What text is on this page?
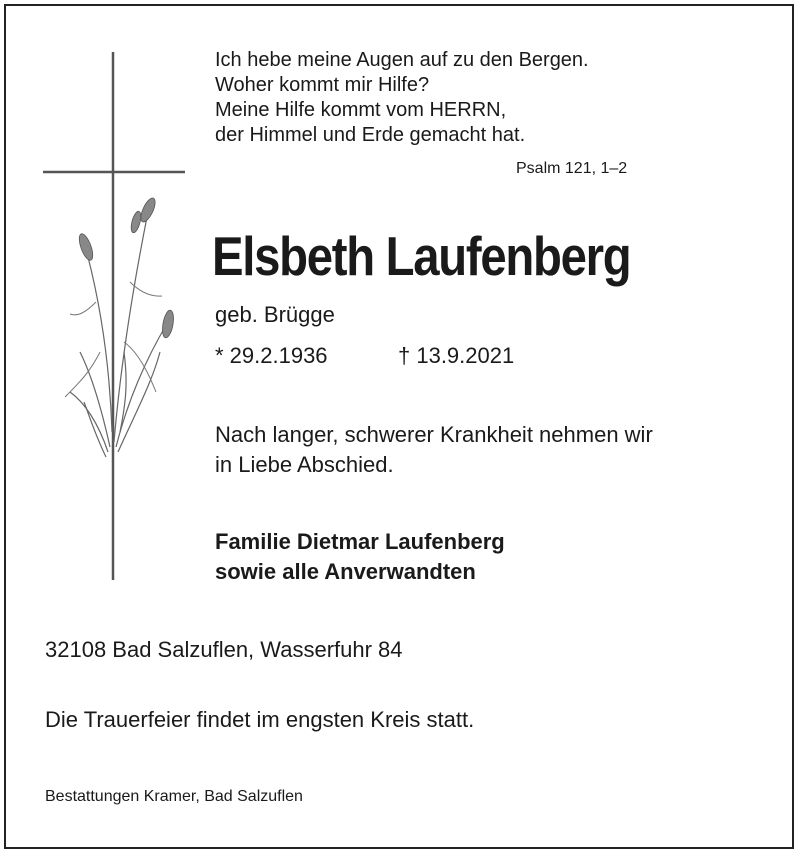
Ich hebe meine Augen auf zu den Bergen.
Woher kommt mir Hilfe?
Meine Hilfe kommt vom HERRN,
der Himmel und Erde gemacht hat.
Psalm 121, 1–2
Elsbeth Laufenberg
geb. Brügge
* 29.2.1936	† 13.9.2021
Nach langer, schwerer Krankheit nehmen wir
in Liebe Abschied.
Familie Dietmar Laufenberg
sowie alle Anverwandten
32108 Bad Salzuflen, Wasserfuhr 84
Die Trauerfeier findet im engsten Kreis statt.
Bestattungen Kramer, Bad Salzuflen
